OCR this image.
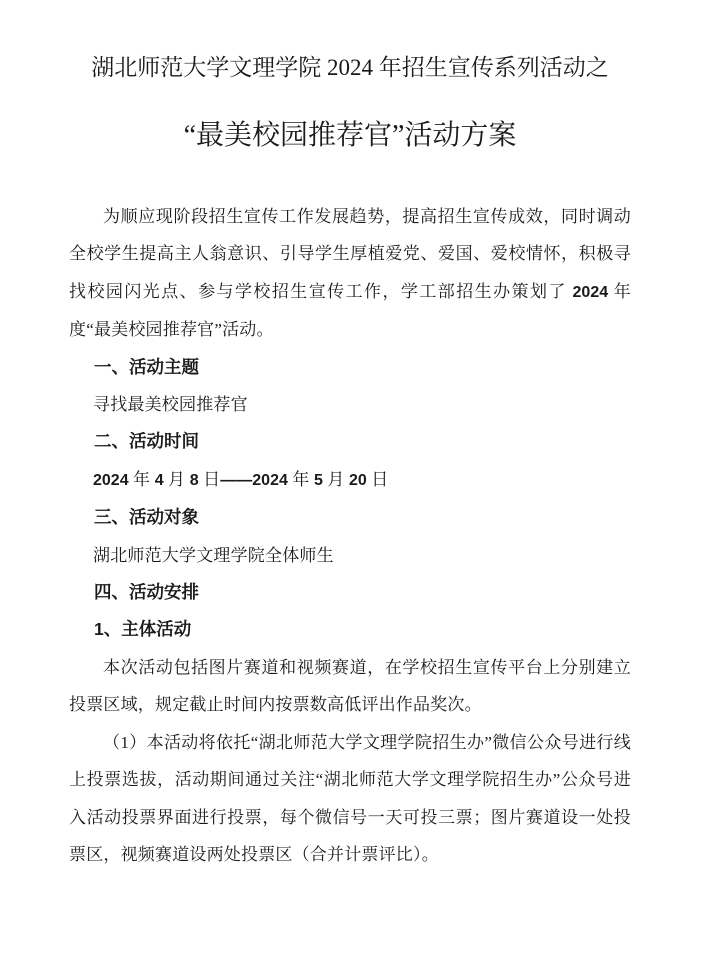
湖北师范大学文理学院 2024 年招生宣传系列活动之
“最美校园推荐官”活动方案

为顺应现阶段招生宣传工作发展趋势，提高招生宣传成效，同时调动全校学生提高主人翁意识、引导学生厚植爱党、爱国、爱校情怀，积极寻找校园闪光点、参与学校招生宣传工作，学工部招生办策划了 2024 年度“最美校园推荐官”活动。

一、活动主题

寻找最美校园推荐官

二、活动时间

2024 年 4 月 8 日——2024 年 5 月 20 日

三、活动对象

湖北师范大学文理学院全体师生

四、活动安排
1、主体活动

本次活动包括图片赛道和视频赛道，在学校招生宣传平台上分别建立投票区域，规定截止时间内按票数高低评出作品奖次。

（1）本活动将依托“湖北师范大学文理学院招生办”微信公众号进行线上投票选拔，活动期间通过关注“湖北师范大学文理学院招生办”公众号进入活动投票界面进行投票，每个微信号一天可投三票；图片赛道设一处投票区，视频赛道设两处投票区（合并计票评比）。
